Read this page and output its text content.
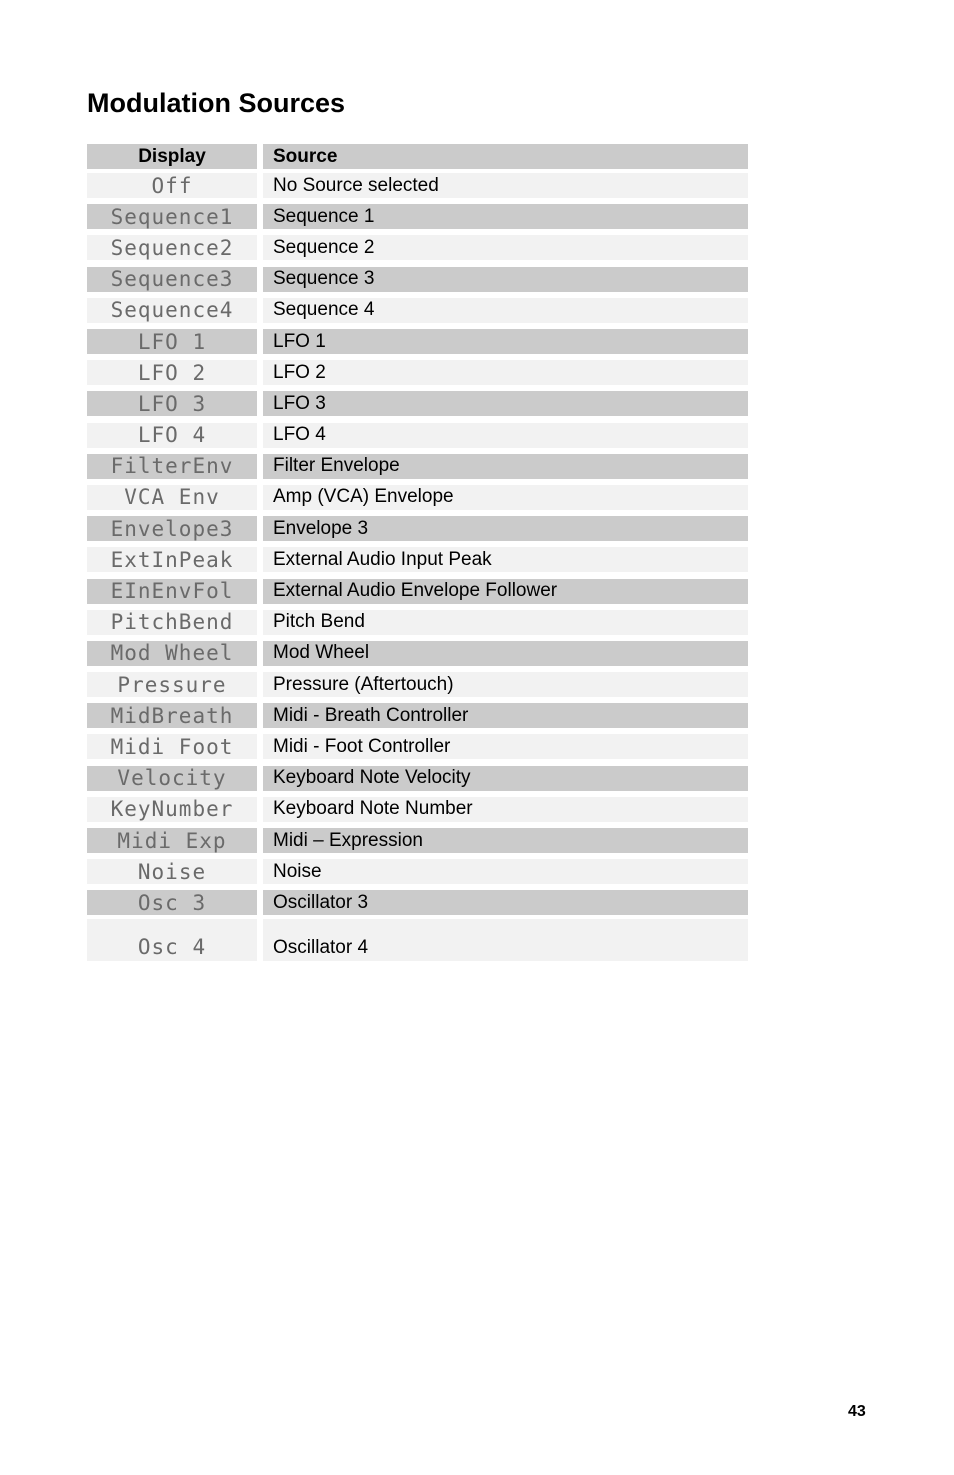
Modulation Sources
Display	Source
Off	No Source selected
Sequence1	Sequence 1
Sequence2	Sequence 2
Sequence3	Sequence 3
Sequence4	Sequence 4
LFO 1	LFO 1
LFO 2	LFO 2
LFO 3	LFO 3
LFO 4	LFO 4
FilterEnv	Filter Envelope
VCA Env	Amp (VCA) Envelope
Envelope3	Envelope 3
ExtInPeak	External Audio Input Peak
EInEnvFol	External Audio Envelope Follower
PitchBend	Pitch Bend
Mod Wheel	Mod Wheel
Pressure	Pressure (Aftertouch)
MidBreath	Midi - Breath Controller
Midi Foot	Midi - Foot Controller
Velocity	Keyboard Note Velocity
KeyNumber	Keyboard Note Number
Midi Exp	Midi – Expression
Noise	Noise
Osc 3	Oscillator 3
Osc 4	Oscillator 4
43
